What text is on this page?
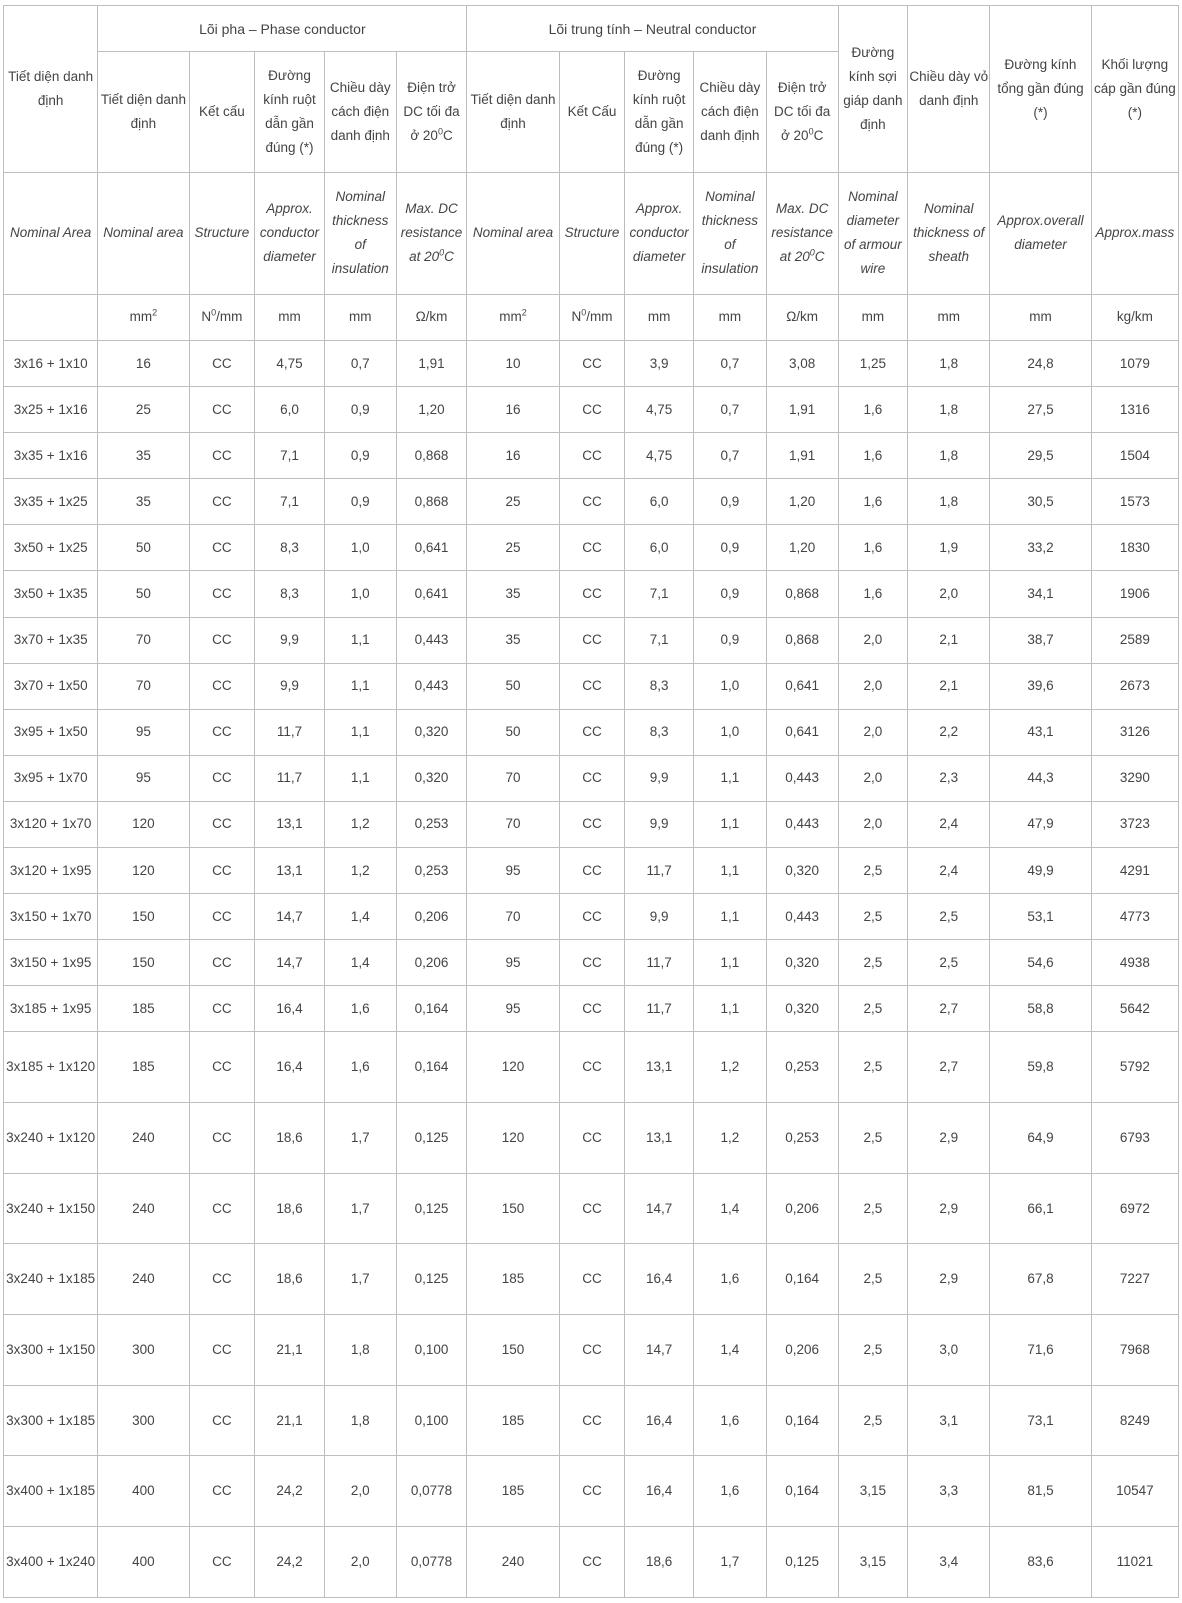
Tiết diện danh định	Lõi pha – Phase conductor					Lõi trung tính – Neutral conductor					Đường kính sợi giáp danh định	Chiều dày vỏ danh định	Đường kính tổng gần đúng (*)	Khối lượng cáp gần đúng (*)
	Tiết diện danh định	Kết cấu	Đường kính ruột dẫn gần đúng (*)	Chiều dày cách điện danh định	Điện trở DC tối đa ở $20^0C$	Tiết diện danh định	Kết Cấu	Đường kính ruột dẫn gần đúng (*)	Chiều dày cách điện danh định	Điện trở DC tối đa ở $20^0C$				
Nominal Area	Nominal area	Structure	Approx. conductor diameter	Nominal thickness of insulation	Max. DC resistance at $20^0C$	Nominal area	Structure	Approx. conductor diameter	Nominal thickness of insulation	Max. DC resistance at $20^0C$	Nominal diameter of armour wire	Nominal thickness of sheath	Approx.overall diameter	Approx.mass
	$mm^2$	$N^0/mm$	mm	mm	Ω/km	$mm^2$	$N^0/mm$	mm	mm	Ω/km	mm	mm	mm	kg/km
3x16 + 1x10	16	CC	4,75	0,7	1,91	10	CC	3,9	0,7	3,08	1,25	1,8	24,8	1079
3x25 + 1x16	25	CC	6,0	0,9	1,20	16	CC	4,75	0,7	1,91	1,6	1,8	27,5	1316
3x35 + 1x16	35	CC	7,1	0,9	0,868	16	CC	4,75	0,7	1,91	1,6	1,8	29,5	1504
3x35 + 1x25	35	CC	7,1	0,9	0,868	25	CC	6,0	0,9	1,20	1,6	1,8	30,5	1573
3x50 + 1x25	50	CC	8,3	1,0	0,641	25	CC	6,0	0,9	1,20	1,6	1,9	33,2	1830
3x50 + 1x35	50	CC	8,3	1,0	0,641	35	CC	7,1	0,9	0,868	1,6	2,0	34,1	1906
3x70 + 1x35	70	CC	9,9	1,1	0,443	35	CC	7,1	0,9	0,868	2,0	2,1	38,7	2589
3x70 + 1x50	70	CC	9,9	1,1	0,443	50	CC	8,3	1,0	0,641	2,0	2,1	39,6	2673
3x95 + 1x50	95	CC	11,7	1,1	0,320	50	CC	8,3	1,0	0,641	2,0	2,2	43,1	3126
3x95 + 1x70	95	CC	11,7	1,1	0,320	70	CC	9,9	1,1	0,443	2,0	2,3	44,3	3290
3x120 + 1x70	120	CC	13,1	1,2	0,253	70	CC	9,9	1,1	0,443	2,0	2,4	47,9	3723
3x120 + 1x95	120	CC	13,1	1,2	0,253	95	CC	11,7	1,1	0,320	2,5	2,4	49,9	4291
3x150 + 1x70	150	CC	14,7	1,4	0,206	70	CC	9,9	1,1	0,443	2,5	2,5	53,1	4773
3x150 + 1x95	150	CC	14,7	1,4	0,206	95	CC	11,7	1,1	0,320	2,5	2,5	54,6	4938
3x185 + 1x95	185	CC	16,4	1,6	0,164	95	CC	11,7	1,1	0,320	2,5	2,7	58,8	5642
3x185 + 1x120	185	CC	16,4	1,6	0,164	120	CC	13,1	1,2	0,253	2,5	2,7	59,8	5792
3x240 + 1x120	240	CC	18,6	1,7	0,125	120	CC	13,1	1,2	0,253	2,5	2,9	64,9	6793
3x240 + 1x150	240	CC	18,6	1,7	0,125	150	CC	14,7	1,4	0,206	2,5	2,9	66,1	6972
3x240 + 1x185	240	CC	18,6	1,7	0,125	185	CC	16,4	1,6	0,164	2,5	2,9	67,8	7227
3x300 + 1x150	300	CC	21,1	1,8	0,100	150	CC	14,7	1,4	0,206	2,5	3,0	71,6	7968
3x300 + 1x185	300	CC	21,1	1,8	0,100	185	CC	16,4	1,6	0,164	2,5	3,1	73,1	8249
3x400 + 1x185	400	CC	24,2	2,0	0,0778	185	CC	16,4	1,6	0,164	3,15	3,3	81,5	10547
3x400 + 1x240	400	CC	24,2	2,0	0,0778	240	CC	18,6	1,7	0,125	3,15	3,4	83,6	11021
